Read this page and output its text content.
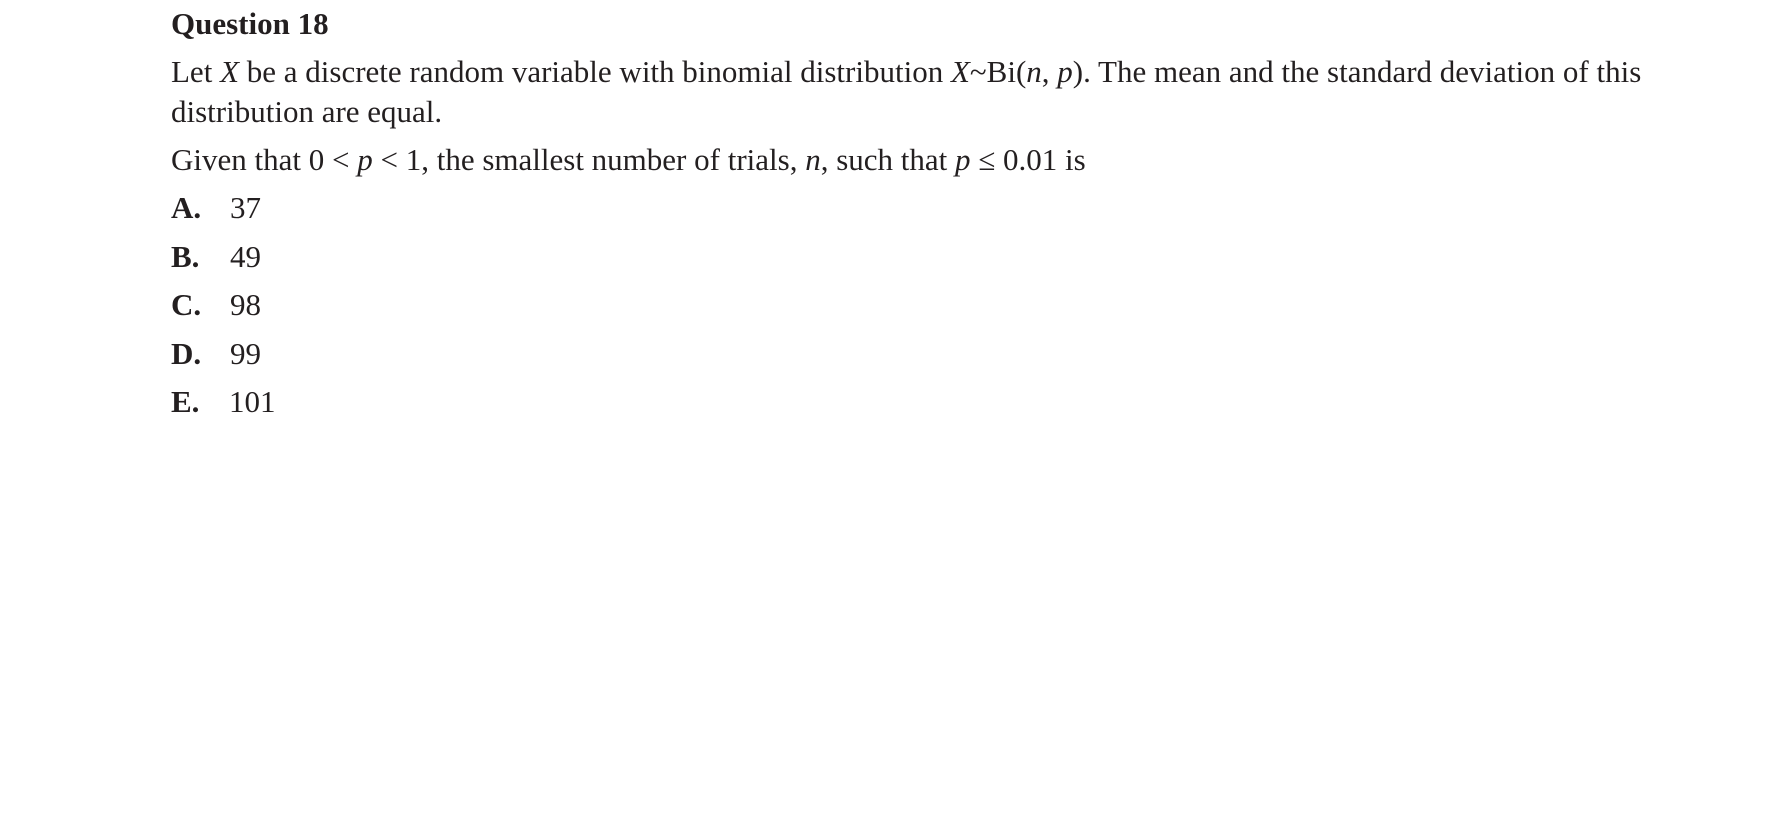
Question 18
Let X be a discrete random variable with binomial distribution X~Bi(n, p). The mean and the standard deviation of this distribution are equal.
Given that 0 < p < 1, the smallest number of trials, n, such that p ≤ 0.01 is
A. 37
B. 49
C. 98
D. 99
E. 101
